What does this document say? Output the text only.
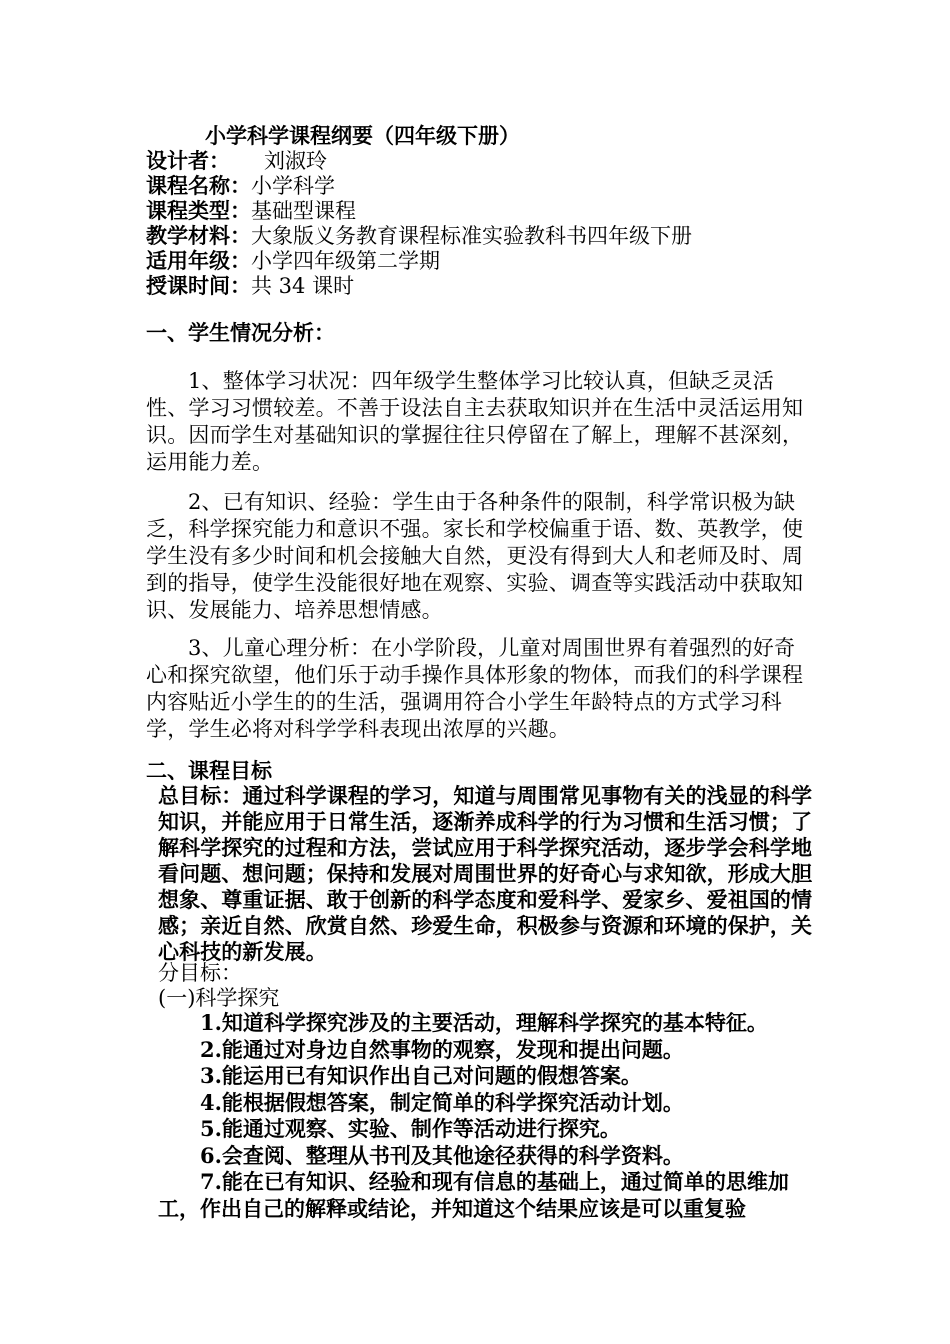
小学科学课程纲要（四年级下册）
设计者： 刘淑玲
课程名称：小学科学
课程类型：基础型课程
教学材料：大象版义务教育课程标准实验教科书四年级下册
适用年级：小学四年级第二学期
授课时间：共 34 课时
一、学生情况分析：

1、整体学习状况：四年级学生整体学习比较认真，但缺乏灵活性、学习习惯较差。不善于设法自主去获取知识并在生活中灵活运用知识。因而学生对基础知识的掌握往往只停留在了解上，理解不甚深刻，运用能力差。

2、已有知识、经验：学生由于各种条件的限制，科学常识极为缺乏，科学探究能力和意识不强。家长和学校偏重于语、数、英教学，使学生没有多少时间和机会接触大自然，更没有得到大人和老师及时、周到的指导，使学生没能很好地在观察、实验、调查等实践活动中获取知识、发展能力、培养思想情感。

3、儿童心理分析：在小学阶段，儿童对周围世界有着强烈的好奇心和探究欲望，他们乐于动手操作具体形象的物体，而我们的科学课程内容贴近小学生的的生活，强调用符合小学生年龄特点的方式学习科学，学生必将对科学学科表现出浓厚的兴趣。

二、课程目标

总目标：通过科学课程的学习，知道与周围常见事物有关的浅显的科学知识，并能应用于日常生活，逐渐养成科学的行为习惯和生活习惯；了解科学探究的过程和方法，尝试应用于科学探究活动，逐步学会科学地看问题、想问题；保持和发展对周围世界的好奇心与求知欲，形成大胆想象、尊重证据、敢于创新的科学态度和爱科学、爱家乡、爱祖国的情感；亲近自然、欣赏自然、珍爱生命，积极参与资源和环境的保护，关心科技的新发展。

分目标：
(一)科学探究
1.知道科学探究涉及的主要活动，理解科学探究的基本特征。
2.能通过对身边自然事物的观察，发现和提出问题。
3.能运用已有知识作出自己对问题的假想答案。
4.能根据假想答案，制定简单的科学探究活动计划。
5.能通过观察、实验、制作等活动进行探究。
6.会查阅、整理从书刊及其他途径获得的科学资料。
7.能在已有知识、经验和现有信息的基础上，通过简单的思维加工，作出自己的解释或结论，并知道这个结果应该是可以重复验
